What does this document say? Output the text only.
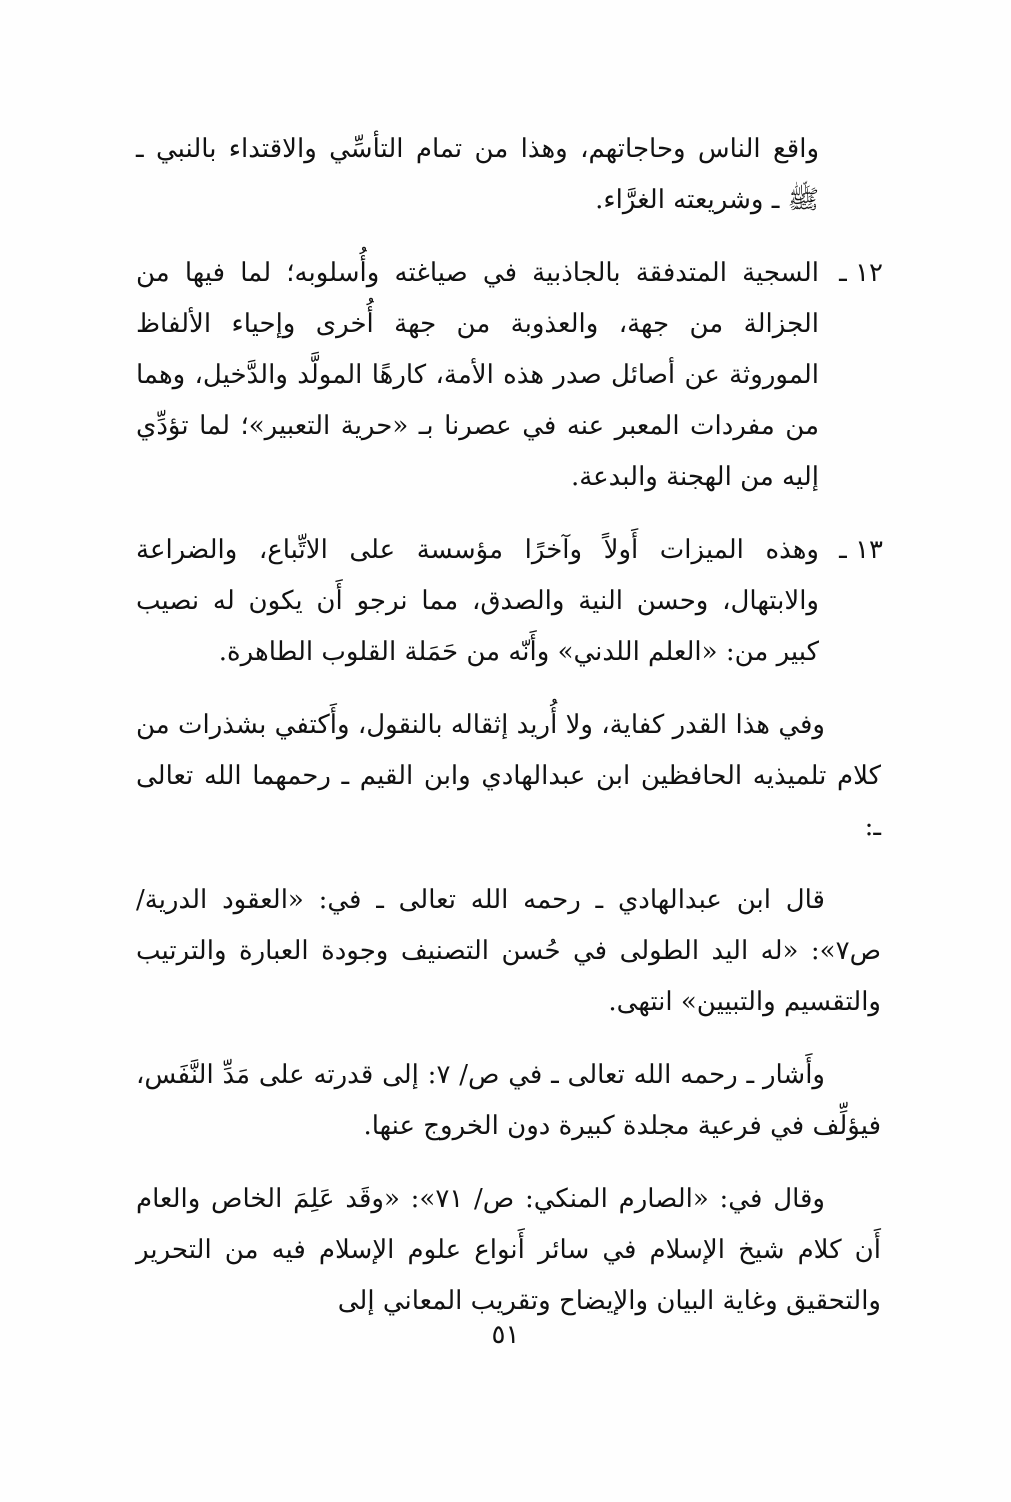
واقع الناس وحاجاتهم، وهذا من تمام التأسِّي والاقتداء بالنبي ـ ﷺ ـ وشريعته الغرَّاء.

١٢ ـ
السجية المتدفقة بالجاذبية في صياغته وأُسلوبه؛ لما فيها من الجزالة من جهة، والعذوبة من جهة أُخرى وإحياء الألفاظ الموروثة عن أصائل صدر هذه الأمة، كارهًا المولَّد والدَّخيل، وهما من مفردات المعبر عنه في عصرنا بـ «حرية التعبير»؛ لما تؤدِّي إليه من الهجنة والبدعة.
١٣ ـ
وهذه الميزات أَولاً وآخرًا مؤسسة على الاتِّباع، والضراعة والابتهال، وحسن النية والصدق، مما نرجو أَن يكون له نصيب كبير من: «العلم اللدني» وأَنّه من حَمَلة القلوب الطاهرة.

وفي هذا القدر كفاية، ولا أُريد إثقاله بالنقول، وأَكتفي بشذرات من كلام تلميذيه الحافظين ابن عبدالهادي وابن القيم ـ رحمهما الله تعالى ـ:

قال ابن عبدالهادي ـ رحمه الله تعالى ـ في: «العقود الدرية/ ص٧»: «له اليد الطولى في حُسن التصنيف وجودة العبارة والترتيب والتقسيم والتبيين» انتهى.

وأَشار ـ رحمه الله تعالى ـ في ص/ ٧: إلى قدرته على مَدِّ النَّفَس، فيؤلِّف في فرعية مجلدة كبيرة دون الخروج عنها.

وقال في: «الصارم المنكي: ص/ ٧١»: «وقَد عَلِمَ الخاص والعام أَن كلام شيخ الإسلام في سائر أَنواع علوم الإسلام فيه من التحرير والتحقيق وغاية البيان والإيضاح وتقريب المعاني إلى

٥١
